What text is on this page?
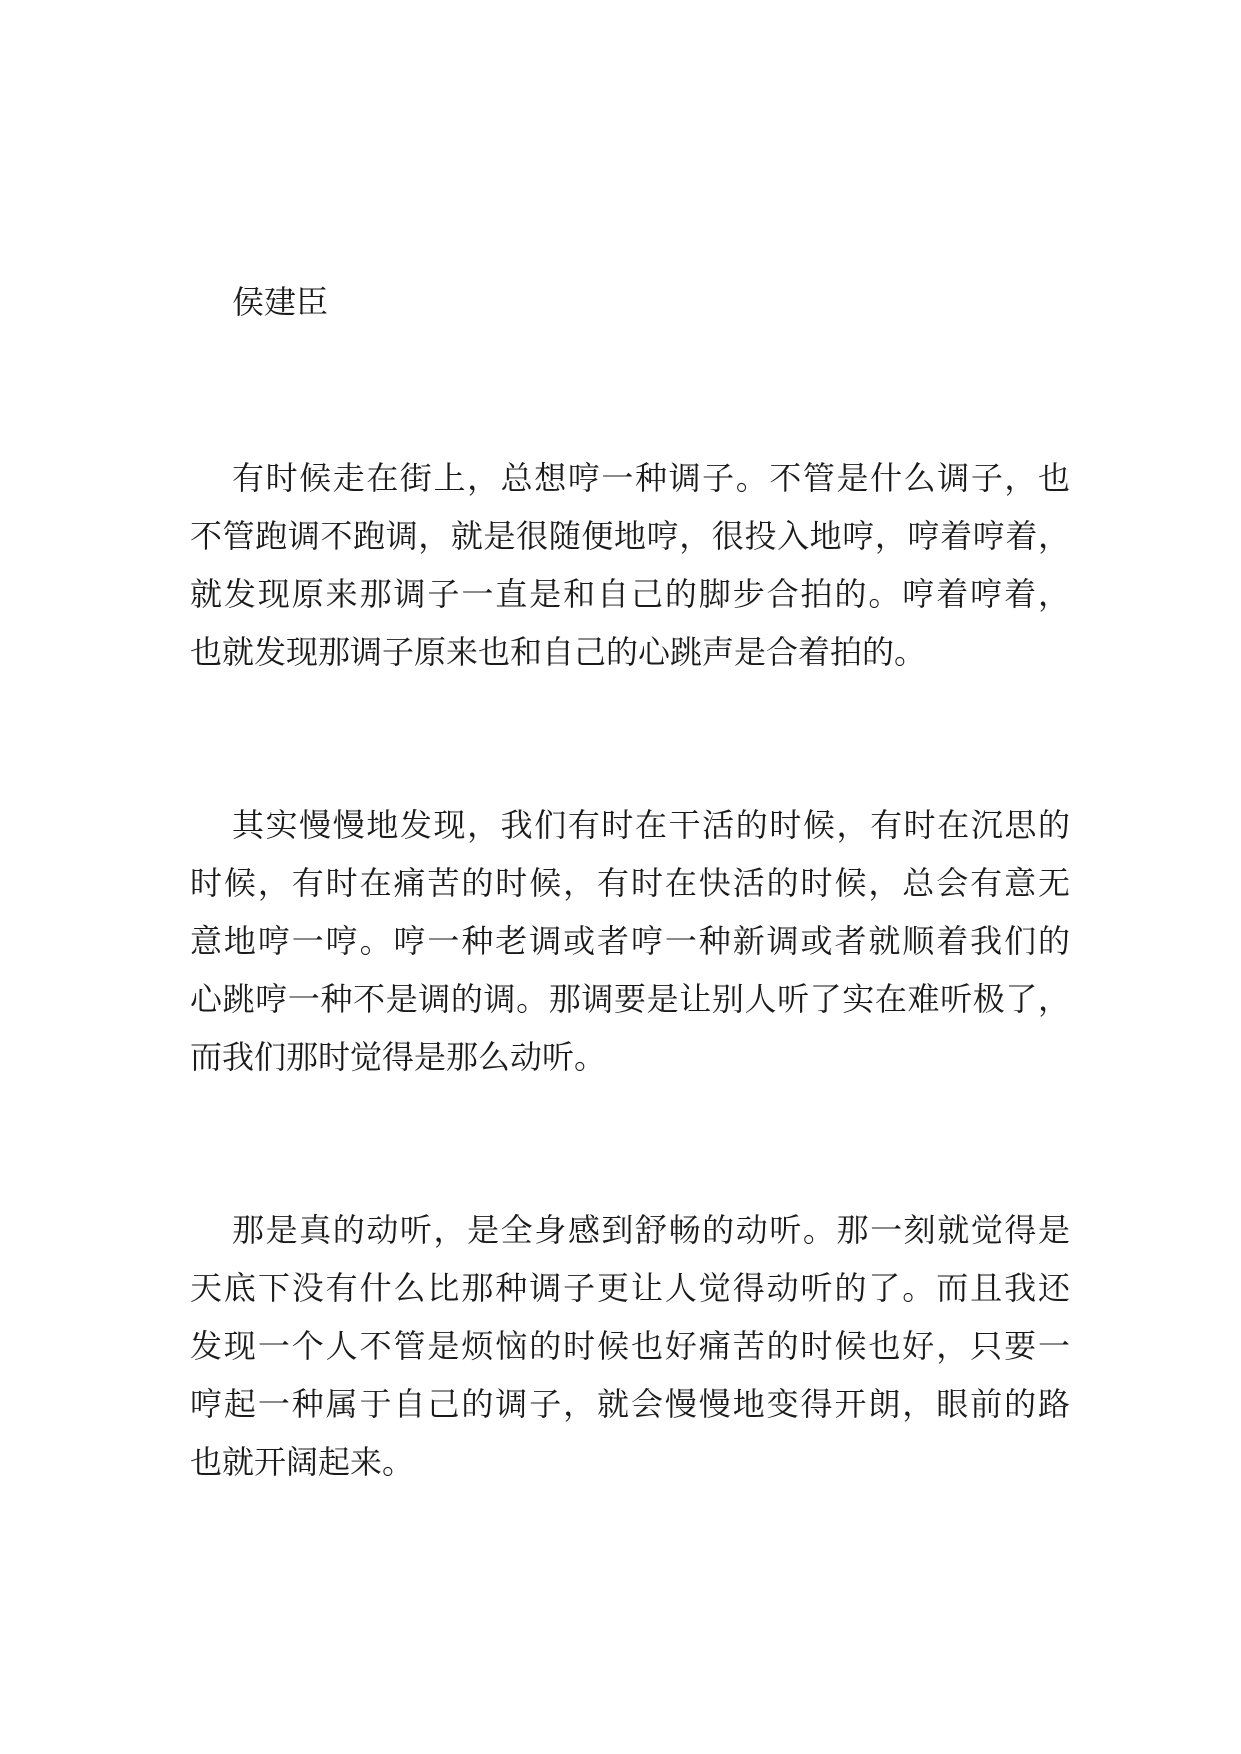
侯建臣

有时候走在街上，总想哼一种调子。不管是什么调子，也
不管跑调不跑调，就是很随便地哼，很投入地哼，哼着哼着，
就发现原来那调子一直是和自己的脚步合拍的。哼着哼着，
也就发现那调子原来也和自己的心跳声是合着拍的。
其实慢慢地发现，我们有时在干活的时候，有时在沉思的
时候，有时在痛苦的时候，有时在快活的时候，总会有意无
意地哼一哼。哼一种老调或者哼一种新调或者就顺着我们的
心跳哼一种不是调的调。那调要是让别人听了实在难听极了，
而我们那时觉得是那么动听。
那是真的动听，是全身感到舒畅的动听。那一刻就觉得是
天底下没有什么比那种调子更让人觉得动听的了。而且我还
发现一个人不管是烦恼的时候也好痛苦的时候也好，只要一
哼起一种属于自己的调子，就会慢慢地变得开朗，眼前的路
也就开阔起来。
